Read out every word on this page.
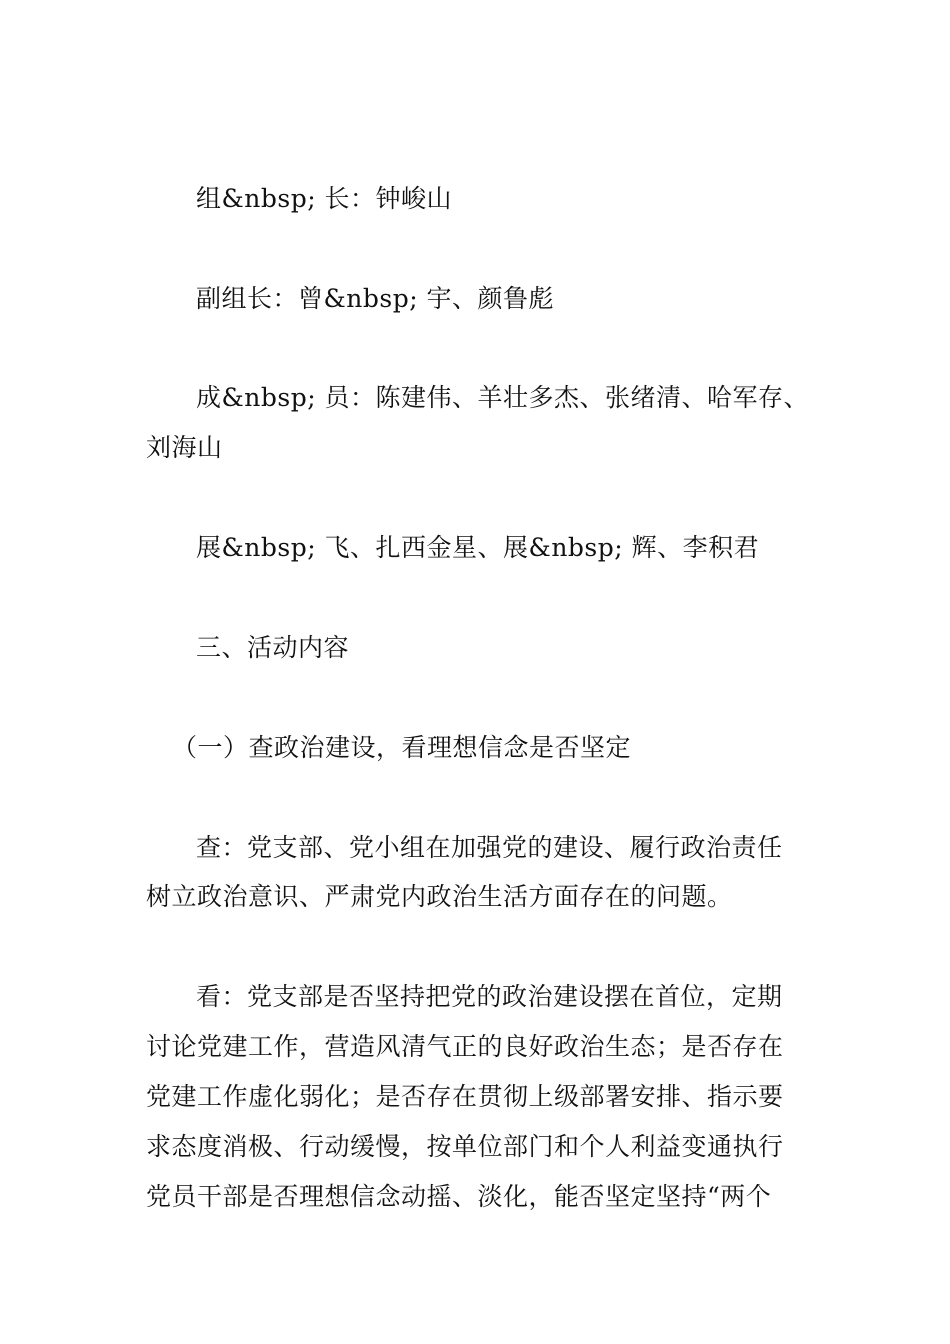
组&nbsp; 长：钟峻山
副组长：曾&nbsp; 宇、颜鲁彪
成&nbsp; 员：陈建伟、羊壮多杰、张绪清、哈军存、
刘海山
展&nbsp; 飞、扎西金星、展&nbsp; 辉、李积君
三、活动内容
（一）查政治建设，看理想信念是否坚定
查：党支部、党小组在加强党的建设、履行政治责任
树立政治意识、严肃党内政治生活方面存在的问题。
看：党支部是否坚持把党的政治建设摆在首位，定期
讨论党建工作，营造风清气正的良好政治生态；是否存在
党建工作虚化弱化；是否存在贯彻上级部署安排、指示要
求态度消极、行动缓慢，按单位部门和个人利益变通执行
党员干部是否理想信念动摇、淡化，能否坚定坚持“两个
